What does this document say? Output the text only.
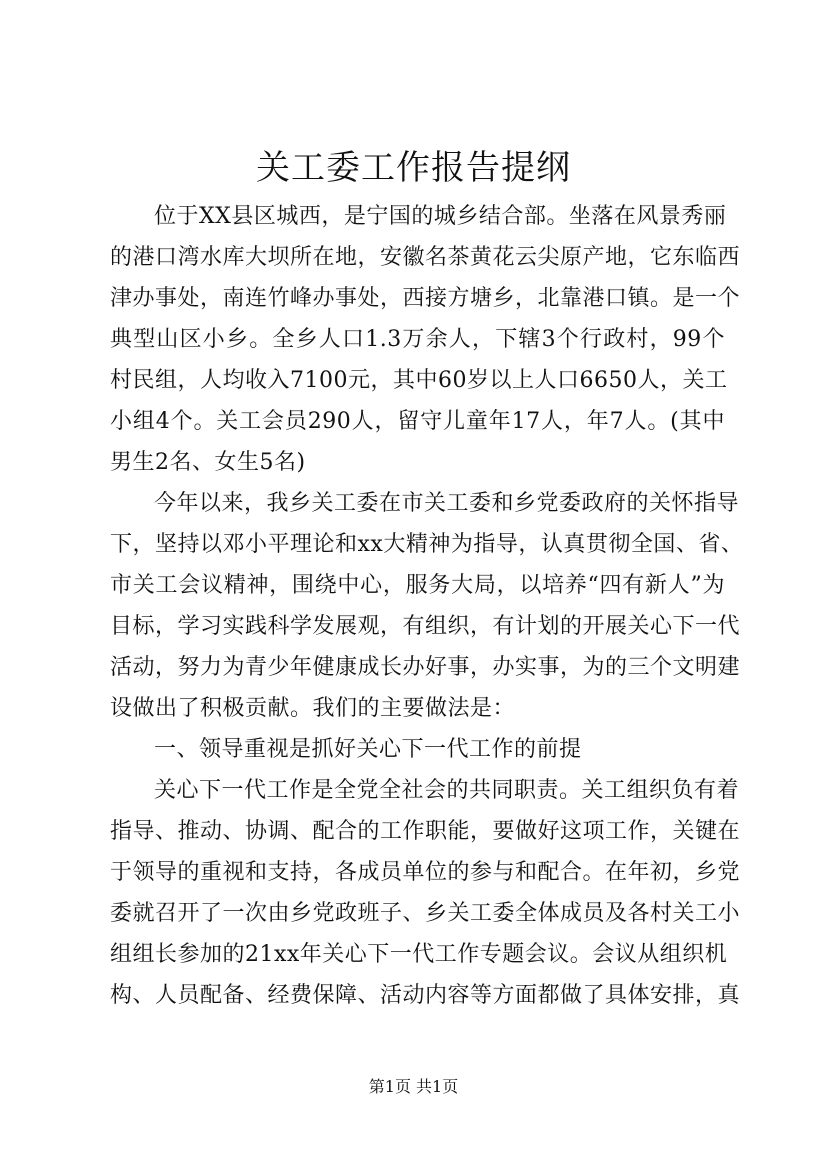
关工委工作报告提纲
位于XX县区城西，是宁国的城乡结合部。坐落在风景秀丽
的港口湾水库大坝所在地，安徽名茶黄花云尖原产地，它东临西
津办事处，南连竹峰办事处，西接方塘乡，北靠港口镇。是一个
典型山区小乡。全乡人口1.3万余人，下辖3个行政村，99个
村民组，人均收入7100元，其中60岁以上人口6650人，关工
小组4个。关工会员290人，留守儿童年17人，年7人。(其中
男生2名、女生5名)
今年以来，我乡关工委在市关工委和乡党委政府的关怀指导
下，坚持以邓小平理论和xx大精神为指导，认真贯彻全国、省、
市关工会议精神，围绕中心，服务大局，以培养“四有新人”为
目标，学习实践科学发展观，有组织，有计划的开展关心下一代
活动，努力为青少年健康成长办好事，办实事，为的三个文明建
设做出了积极贡献。我们的主要做法是：
一、领导重视是抓好关心下一代工作的前提
关心下一代工作是全党全社会的共同职责。关工组织负有着
指导、推动、协调、配合的工作职能，要做好这项工作，关键在
于领导的重视和支持，各成员单位的参与和配合。在年初，乡党
委就召开了一次由乡党政班子、乡关工委全体成员及各村关工小
组组长参加的21xx年关心下一代工作专题会议。会议从组织机
构、人员配备、经费保障、活动内容等方面都做了具体安排，真
第1页 共1页
